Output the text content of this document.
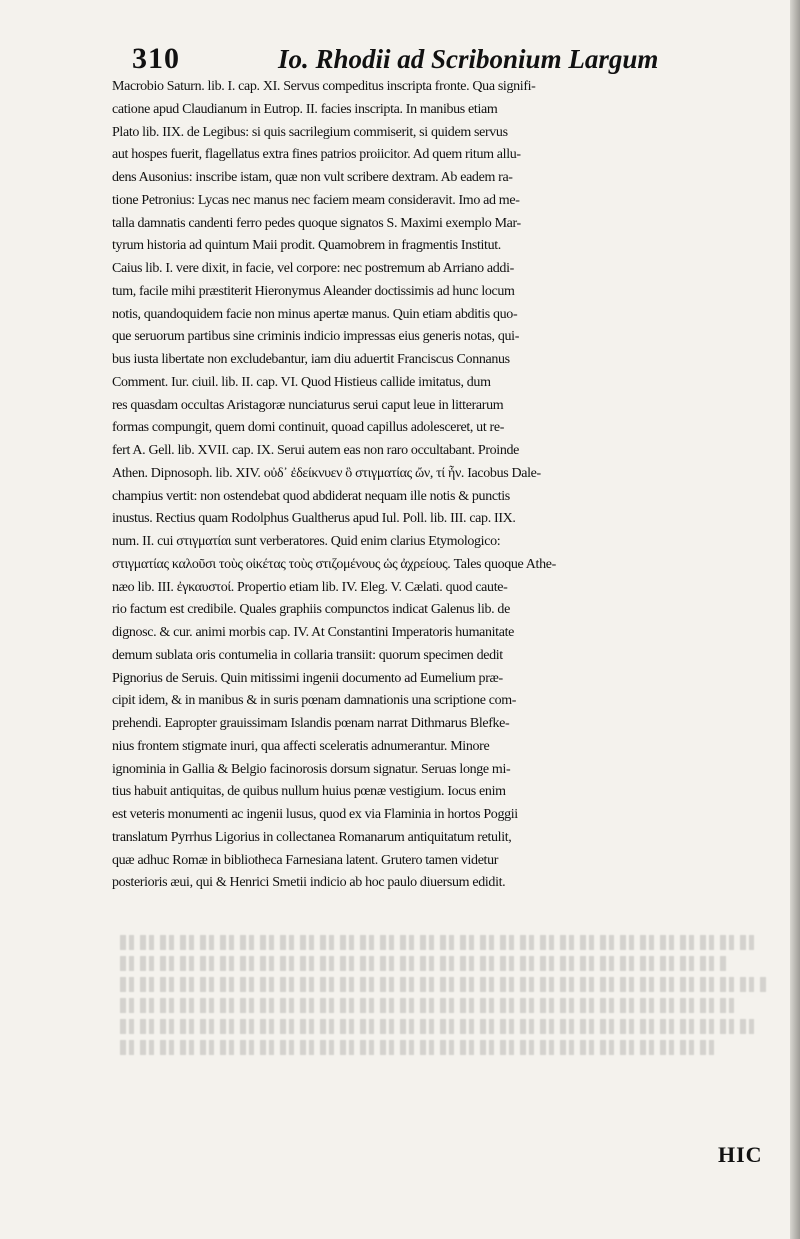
310	Io. Rhodii ad Scribonium Largum
Macrobio Saturn. lib. I. cap. XI. Servus compeditus inscripta fronte. Qua signifi-
catione apud Claudianum in Eutrop. II. facies inscripta. In manibus etiam
Plato lib. IIX. de Legibus: si quis sacrilegium commiserit, si quidem servus
aut hospes fuerit, flagellatus extra fines patrios proiicitor. Ad quem ritum allu-
dens Ausonius: inscribe istam, quæ non vult scribere dextram. Ab eadem ra-
tione Petronius: Lycas nec manus nec faciem meam consideravit. Imo ad me-
talla damnatis candenti ferro pedes quoque signatos S. Maximi exemplo Mar-
tyrum historia ad quintum Maii prodit. Quamobrem in fragmentis Institut.
Caius lib. I. vere dixit, in facie, vel corpore: nec postremum ab Arriano addi-
tum, facile mihi præstiterit Hieronymus Aleander doctissimis ad hunc locum
notis, quandoquidem facie non minus apertæ manus. Quin etiam abditis quo-
que seruorum partibus sine criminis indicio impressas eius generis notas, qui-
bus iusta libertate non excludebantur, iam diu aduertit Franciscus Connanus
Comment. Iur. ciuil. lib. II. cap. VI. Quod Histieus callide imitatus, dum
res quasdam occultas Aristagoræ nunciaturus serui caput leue in litterarum
formas compungit, quem domi continuit, quoad capillus adolesceret, ut re-
fert A. Gell. lib. XVII. cap. IX. Serui autem eas non raro occultabant. Proinde
Athen. Dipnosoph. lib. XIV. οὐδ᾽ ἐδείκνυεν ὃ στιγματίας ὤν, τί ἦν. Iacobus Dale-
champius vertit: non ostendebat quod abdiderat nequam ille notis & punctis
inustus. Rectius quam Rodolphus Gualtherus apud Iul. Poll. lib. III. cap. IIX.
num. II. cui στιγματίαι sunt verberatores. Quid enim clarius Etymologico:
στιγματίας καλοῦσι τοὺς οἰκέτας τοὺς στιζομένους ὡς ἀχρείους. Tales quoque Athe-
næo lib. III. ἐγκαυστοί. Propertio etiam lib. IV. Eleg. V. Cælati. quod caute-
rio factum est credibile. Quales graphiis compunctos indicat Galenus lib. de
dignosc. & cur. animi morbis cap. IV. At Constantini Imperatoris humanitate
demum sublata oris contumelia in collaria transiit: quorum specimen dedit
Pignorius de Seruis. Quin mitissimi ingenii documento ad Eumelium præ-
cipit idem, & in manibus & in suris pœnam damnationis una scriptione com-
prehendi. Eapropter grauissimam Islandis pœnam narrat Dithmarus Blefke-
nius frontem stigmate inuri, qua affecti sceleratis adnumerantur. Minore
ignominia in Gallia & Belgio facinorosis dorsum signatur. Seruas longe mi-
tius habuit antiquitas, de quibus nullum huius pœnæ vestigium. Iocus enim
est veteris monumenti ac ingenii lusus, quod ex via Flaminia in hortos Poggii
translatum Pyrrhus Ligorius in collectanea Romanarum antiquitatum retulit,
quæ adhuc Romæ in bibliotheca Farnesiana latent. Grutero tamen videtur
posterioris æui, qui & Henrici Smetii indicio ab hoc paulo diuersum edidit.
HIC
